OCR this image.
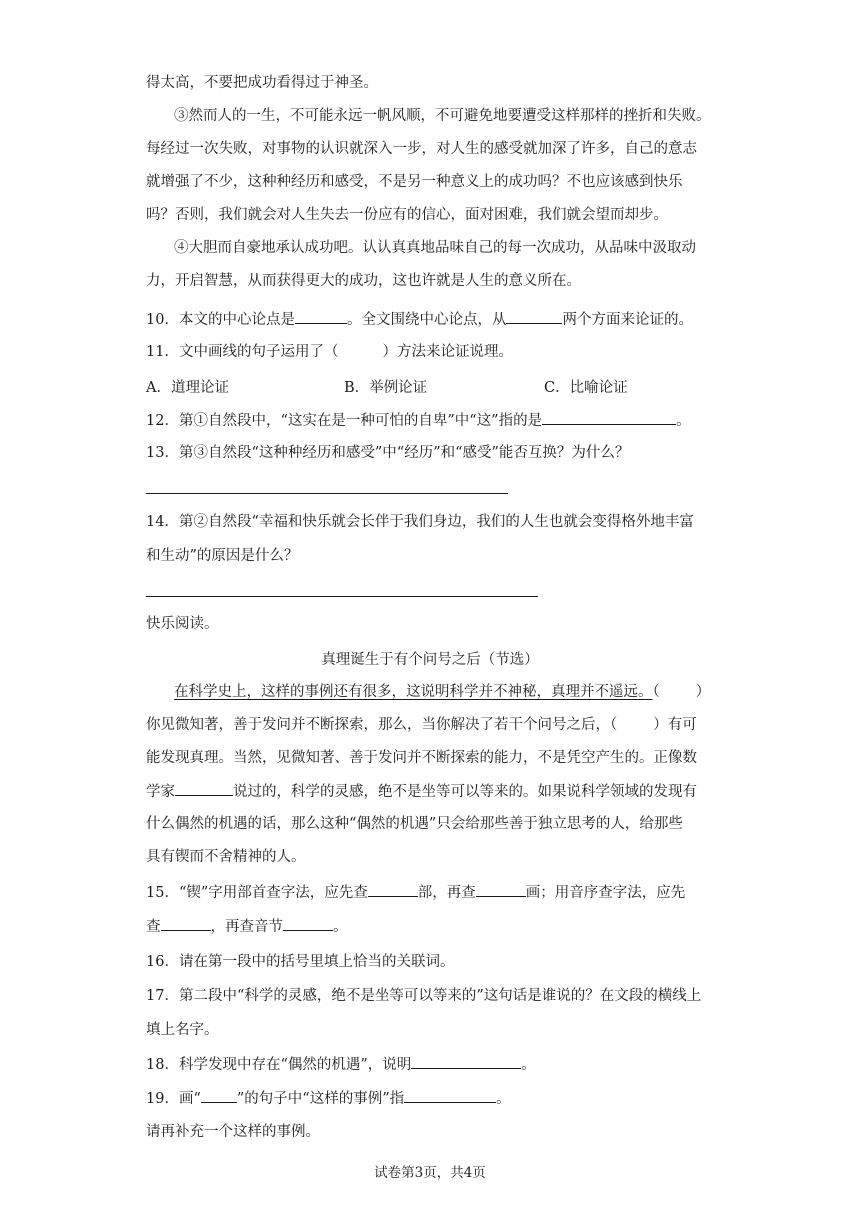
得太高，不要把成功看得过于神圣。
③然而人的一生，不可能永远一帆风顺，不可避免地要遭受这样那样的挫折和失败。
每经过一次失败，对事物的认识就深入一步，对人生的感受就加深了许多，自己的意志
就增强了不少，这种种经历和感受，不是另一种意义上的成功吗？不也应该感到快乐
吗？否则，我们就会对人生失去一份应有的信心，面对困难，我们就会望而却步。
④大胆而自豪地承认成功吧。认认真真地品味自己的每一次成功，从品味中汲取动
力，开启智慧，从而获得更大的成功，这也许就是人生的意义所在。
10．本文的中心论点是	。全文围绕中心论点，从	两个方面来论证的。
11．文中画线的句子运用了（	）方法来论证说理。
A．道理论证	B．举例论证	C．比喻论证
12．第①自然段中，“这实在是一种可怕的自卑”中“这”指的是	。
13．第③自然段“这种种经历和感受”中“经历”和“感受”能否互换？为什么？
14．第②自然段“幸福和快乐就会长伴于我们身边，我们的人生也就会变得格外地丰富
和生动”的原因是什么？
快乐阅读。
真理诞生于有个问号之后（节选）
在科学史上，这样的事例还有很多，这说明科学并不神秘，真理并不遥远。（ ）
你见微知著，善于发问并不断探索，那么，当你解决了若干个问号之后，（ ）有可
能发现真理。当然，见微知著、善于发问并不断探索的能力，不是凭空产生的。正像数
学家	说过的，科学的灵感，绝不是坐等可以等来的。如果说科学领域的发现有
什么偶然的机遇的话，那么这种“偶然的机遇”只会给那些善于独立思考的人，给那些
具有锲而不舍精神的人。
15．“锲”字用部首查字法，应先查	部，再查	画；用音序查字法，应先
查	，再查音节	。
16．请在第一段中的括号里填上恰当的关联词。
17．第二段中“科学的灵感，绝不是坐等可以等来的”这句话是谁说的？在文段的横线上
填上名字。
18．科学发现中存在“偶然的机遇”，说明	。
19．画“ ”的句子中“这样的事例”指	。
请再补充一个这样的事例。
试卷第3页，共4页
